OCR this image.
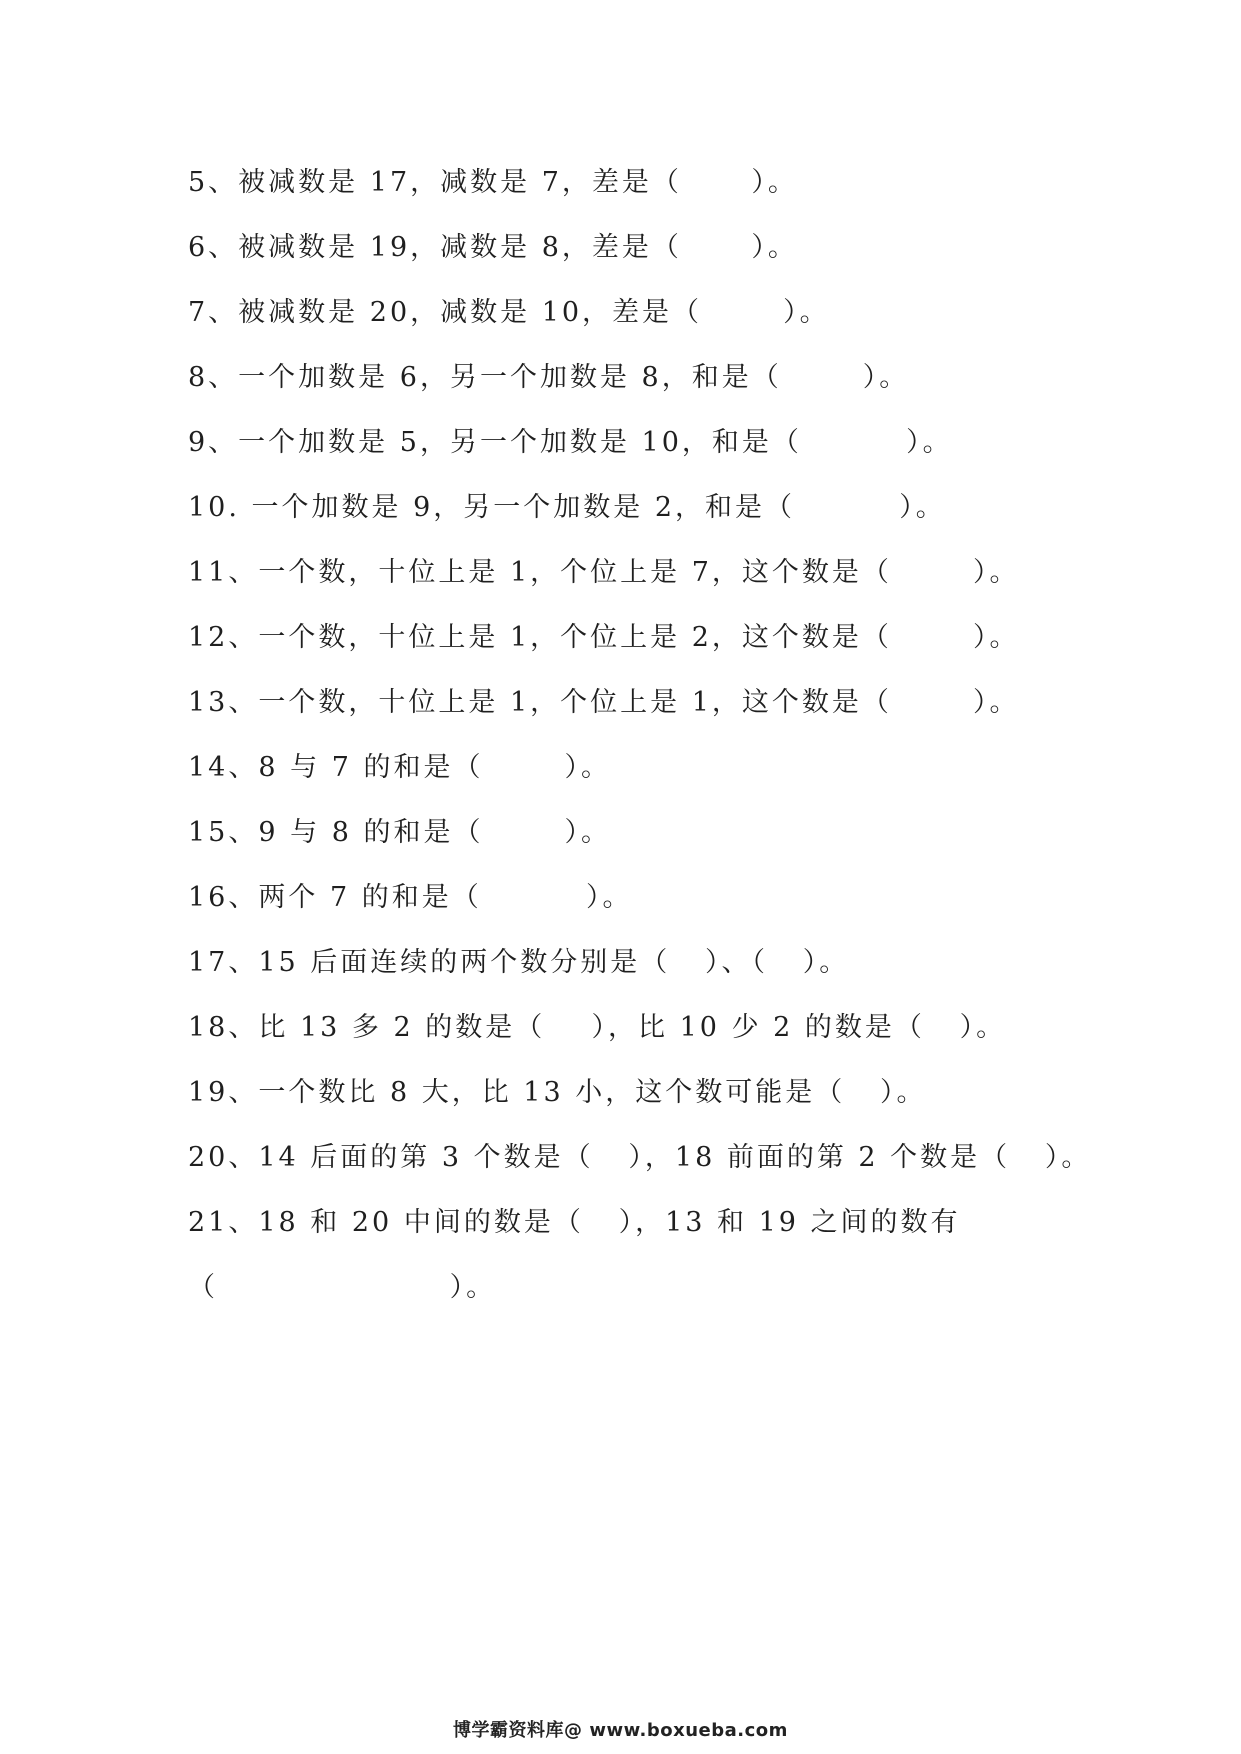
5、被减数是 17，减数是 7，差是（      ）。

6、被减数是 19，减数是 8，差是（      ）。

7、被减数是 20，减数是 10，差是（       ）。

8、一个加数是 6，另一个加数是 8，和是（       ）。

9、一个加数是 5，另一个加数是 10，和是（         ）。

10. 一个加数是 9，另一个加数是 2，和是（         ）。

11、一个数，十位上是 1，个位上是 7，这个数是（       ）。

12、一个数，十位上是 1，个位上是 2，这个数是（       ）。

13、一个数，十位上是 1，个位上是 1，这个数是（       ）。

14、8 与 7 的和是（       ）。

15、9 与 8 的和是（       ）。

16、两个 7 的和是（         ）。

17、15 后面连续的两个数分别是（   ）、（   ）。

18、比 13 多 2 的数是（    ），比 10 少 2 的数是（   ）。

19、一个数比 8 大，比 13 小，这个数可能是（   ）。

20、14 后面的第 3 个数是（   ），18 前面的第 2 个数是（   ）。

21、18 和 20 中间的数是（   ），13 和 19 之间的数有

（                    ）。

博学霸资料库@ www.boxueba.com
